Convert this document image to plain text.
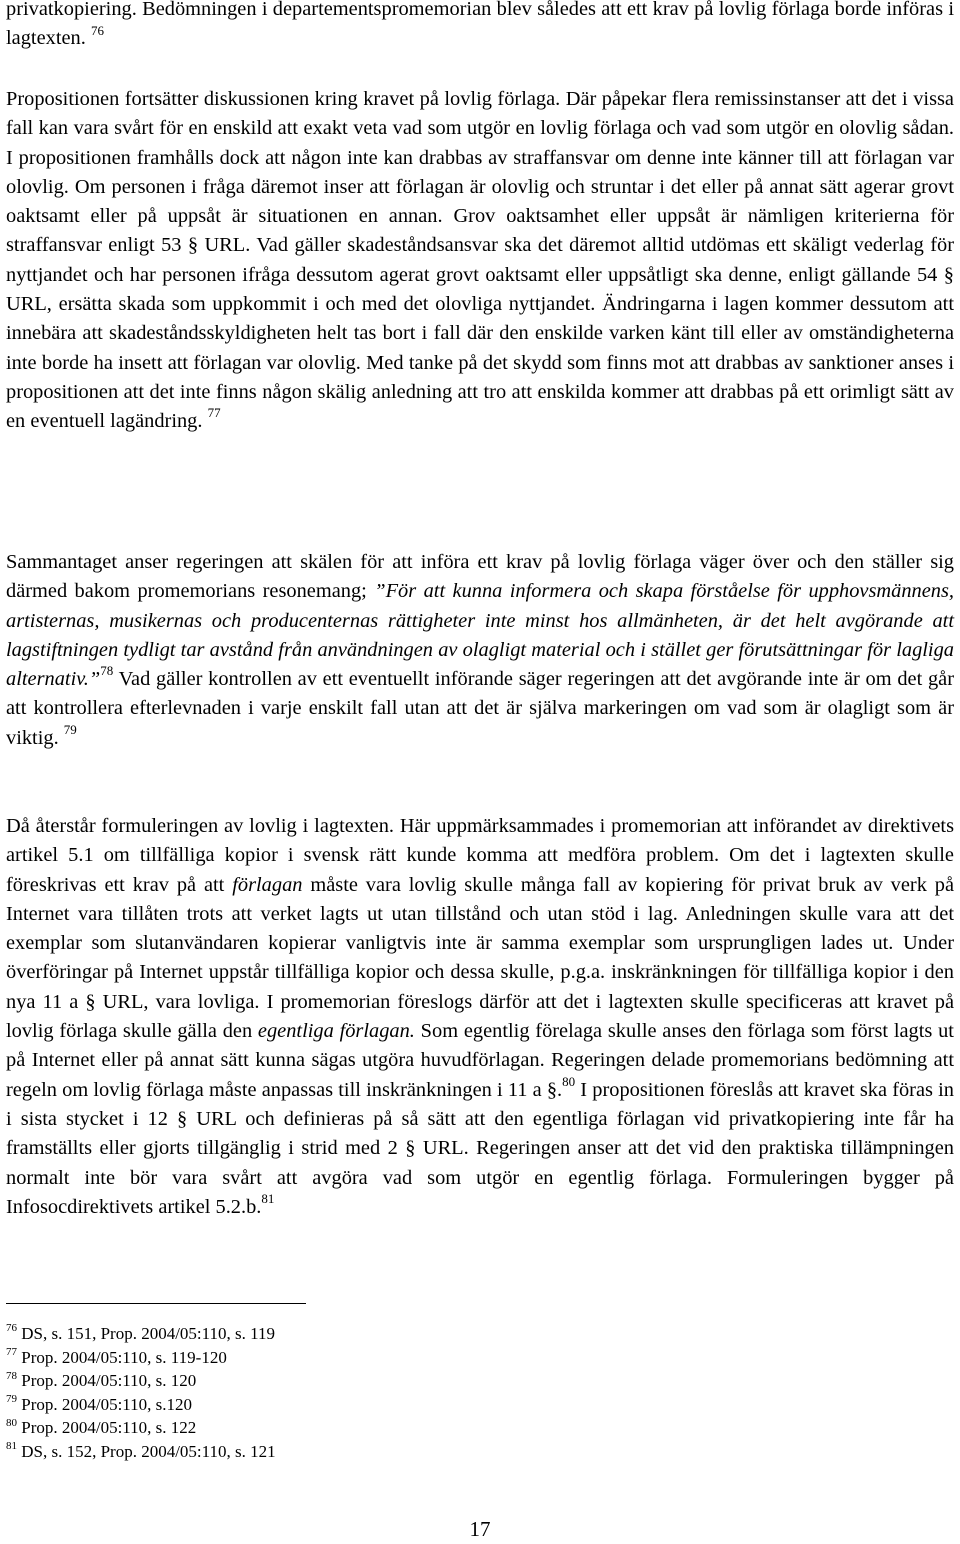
privatkopiering. Bedömningen i departementspromemorian blev således att ett krav på lovlig förlaga borde införas i lagtexten. $^{76}$

Propositionen fortsätter diskussionen kring kravet på lovlig förlaga. Där påpekar flera remissinstanser att det i vissa fall kan vara svårt för en enskild att exakt veta vad som utgör en lovlig förlaga och vad som utgör en olovlig sådan. I propositionen framhålls dock att någon inte kan drabbas av straffansvar om denne inte känner till att förlagan var olovlig. Om personen i fråga däremot inser att förlagan är olovlig och struntar i det eller på annat sätt agerar grovt oaktsamt eller på uppsåt är situationen en annan. Grov oaktsamhet eller uppsåt är nämligen kriterierna för straffansvar enligt 53 § URL. Vad gäller skadeståndsansvar ska det däremot alltid utdömas ett skäligt vederlag för nyttjandet och har personen ifråga dessutom agerat grovt oaktsamt eller uppsåtligt ska denne, enligt gällande 54 § URL, ersätta skada som uppkommit i och med det olovliga nyttjandet. Ändringarna i lagen kommer dessutom att innebära att skadeståndsskyldigheten helt tas bort i fall där den enskilde varken känt till eller av omständigheterna inte borde ha insett att förlagan var olovlig. Med tanke på det skydd som finns mot att drabbas av sanktioner anses i propositionen att det inte finns någon skälig anledning att tro att enskilda kommer att drabbas på ett orimligt sätt av en eventuell lagändring. $^{77}$

Sammantaget anser regeringen att skälen för att införa ett krav på lovlig förlaga väger över och den ställer sig därmed bakom promemorians resonemang; ”För att kunna informera och skapa förståelse för upphovsmännens, artisternas, musikernas och producenternas rättigheter inte minst hos allmänheten, är det helt avgörande att lagstiftningen tydligt tar avstånd från användningen av olagligt material och i stället ger förutsättningar för lagliga alternativ.”$^{78}$ Vad gäller kontrollen av ett eventuellt införande säger regeringen att det avgörande inte är om det går att kontrollera efterlevnaden i varje enskilt fall utan att det är själva markeringen om vad som är olagligt som är viktig. $^{79}$

Då återstår formuleringen av lovlig i lagtexten. Här uppmärksammades i promemorian att införandet av direktivets artikel 5.1 om tillfälliga kopior i svensk rätt kunde komma att medföra problem. Om det i lagtexten skulle föreskrivas ett krav på att förlagan måste vara lovlig skulle många fall av kopiering för privat bruk av verk på Internet vara tillåten trots att verket lagts ut utan tillstånd och utan stöd i lag. Anledningen skulle vara att det exemplar som slutanvändaren kopierar vanligtvis inte är samma exemplar som ursprungligen lades ut. Under överföringar på Internet uppstår tillfälliga kopior och dessa skulle, p.g.a. inskränkningen för tillfälliga kopior i den nya 11 a § URL, vara lovliga. I promemorian föreslogs därför att det i lagtexten skulle specificeras att kravet på lovlig förlaga skulle gälla den egentliga förlagan. Som egentlig förelaga skulle anses den förlaga som först lagts ut på Internet eller på annat sätt kunna sägas utgöra huvudförlagan. Regeringen delade promemorians bedömning att regeln om lovlig förlaga måste anpassas till inskränkningen i 11 a §.$^{80}$ I propositionen föreslås att kravet ska föras in i sista stycket i 12 § URL och definieras på så sätt att den egentliga förlagan vid privatkopiering inte får ha framställts eller gjorts tillgänglig i strid med 2 § URL. Regeringen anser att det vid den praktiska tillämpningen normalt inte bör vara svårt att avgöra vad som utgör en egentlig förlaga. Formuleringen bygger på Infosocdirektivets artikel 5.2.b.$^{81}$

$^{76}$ DS, s. 151, Prop. 2004/05:110, s. 119
$^{77}$ Prop. 2004/05:110, s. 119-120
$^{78}$ Prop. 2004/05:110, s. 120
$^{79}$ Prop. 2004/05:110, s.120
$^{80}$ Prop. 2004/05:110, s. 122
$^{81}$ DS, s. 152, Prop. 2004/05:110, s. 121
17
